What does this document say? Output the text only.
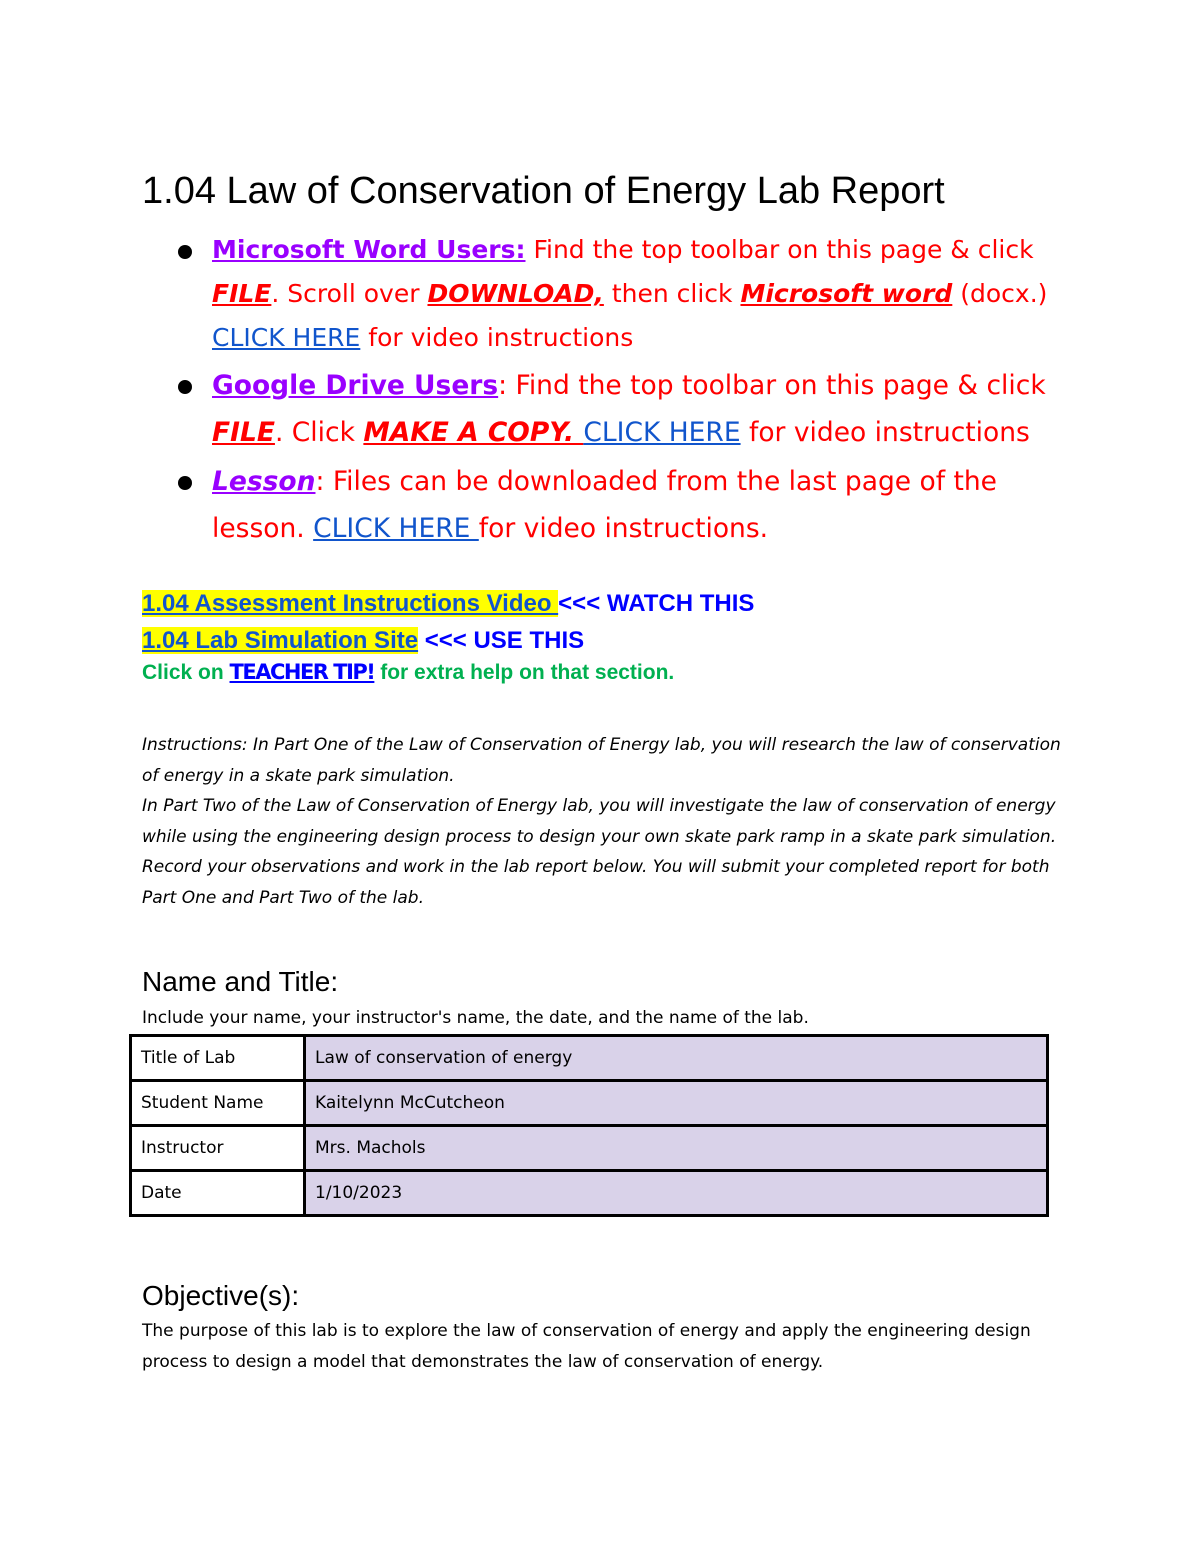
1.04 Law of Conservation of Energy Lab Report
Microsoft Word Users: Find the top toolbar on this page & click FILE. Scroll over DOWNLOAD, then click Microsoft word (docx.)
CLICK HERE for video instructions
Google Drive Users: Find the top toolbar on this page & click FILE. Click MAKE A COPY. CLICK HERE for video instructions
Lesson: Files can be downloaded from the last page of the lesson. CLICK HERE for video instructions.
1.04 Assessment Instructions Video <<< WATCH THIS
1.04 Lab Simulation Site <<< USE THIS
Click on TEACHER TIP! for extra help on that section.
Instructions: In Part One of the Law of Conservation of Energy lab, you will research the law of conservation of energy in a skate park simulation.
In Part Two of the Law of Conservation of Energy lab, you will investigate the law of conservation of energy while using the engineering design process to design your own skate park ramp in a skate park simulation. Record your observations and work in the lab report below. You will submit your completed report for both Part One and Part Two of the lab.
Name and Title:
Include your name, your instructor's name, the date, and the name of the lab.
Title of Lab	Law of conservation of energy
Student Name	Kaitelynn McCutcheon
Instructor	Mrs. Machols
Date	1/10/2023
Objective(s):
The purpose of this lab is to explore the law of conservation of energy and apply the engineering design process to design a model that demonstrates the law of conservation of energy.
